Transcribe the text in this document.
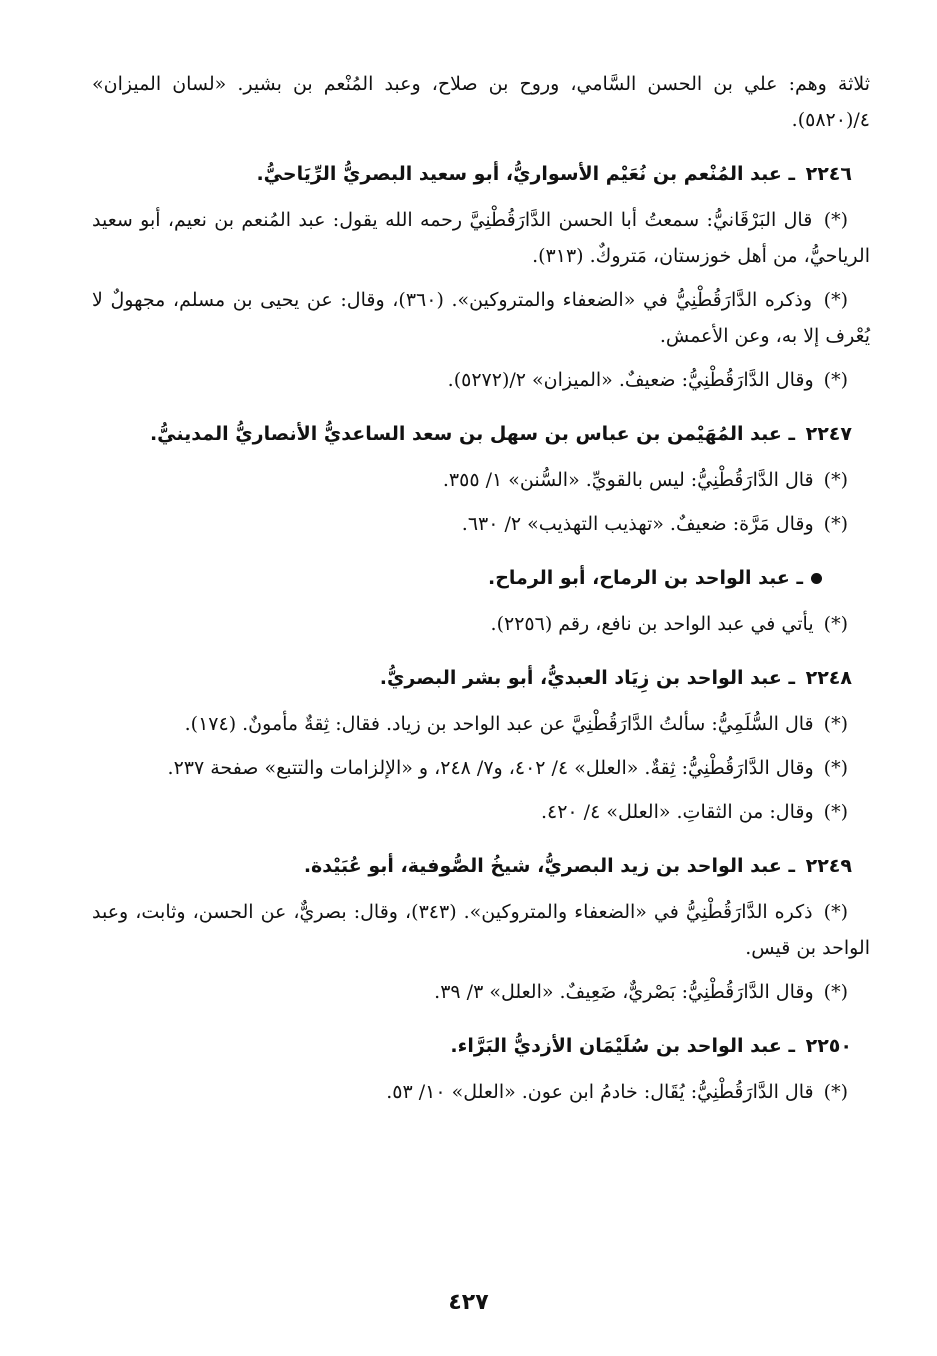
ثلاثة وهم: علي بن الحسن السَّامي، وروح بن صلاح، وعبد المُنْعم بن بشير. «لسان الميزان» ٤/(٥٨٢٠).

٢٢٤٦ ـ عبد المُنْعم بن نُعَيْم الأسواريُّ، أبو سعيد البصريُّ الرِّيَاحيُّ.

(*) قال البَرْقَانيُّ: سمعتُ أبا الحسن الدَّارَقُطْنِيَّ رحمه الله يقول: عبد المُنعم بن نعيم، أبو سعيد الرياحيُّ، من أهل خوزستان، مَتروكٌ. (٣١٣).

(*) وذكره الدَّارَقُطْنِيُّ في «الضعفاء والمتروكين». (٣٦٠)، وقال: عن يحيى بن مسلم، مجهولٌ لا يُعْرف إلا به، وعن الأعمش.

(*) وقال الدَّارَقُطْنِيُّ: ضعيفٌ. «الميزان» ٢/(٥٢٧٢).

٢٢٤٧ ـ عبد المُهَيْمن بن عباس بن سهل بن سعد الساعديُّ الأنصاريُّ المدينيُّ.

(*) قال الدَّارَقُطْنِيُّ: ليس بالقويِّ. «السُّنن» ١/ ٣٥٥.

(*) وقال مَرَّة: ضعيفٌ. «تهذيب التهذيب» ٢/ ٦٣٠.

ـ عبد الواحد بن الرماح، أبو الرماح.

(*) يأتي في عبد الواحد بن نافع، رقم (٢٢٥٦).

٢٢٤٨ ـ عبد الواحد بن زِيَاد العبديُّ، أبو بشر البصريُّ.

(*) قال السُّلَمِيُّ: سألتُ الدَّارَقُطْنِيَّ عن عبد الواحد بن زياد. فقال: ثِقةٌ مأمونٌ. (١٧٤).

(*) وقال الدَّارَقُطْنِيُّ: ثِقةٌ. «العلل» ٤/ ٤٠٢، و٧/ ٢٤٨، و «الإلزامات والتتبع» صفحة ٢٣٧.

(*) وقال: من الثقاتِ. «العلل» ٤/ ٤٢٠.

٢٢٤٩ ـ عبد الواحد بن زيد البصريُّ، شيخُ الصُّوفية، أبو عُبَيْدة.

(*) ذكره الدَّارَقُطْنِيُّ في «الضعفاء والمتروكين». (٣٤٣)، وقال: بصريٌّ، عن الحسن، وثابت، وعبد الواحد بن قيس.

(*) وقال الدَّارَقُطْنِيُّ: بَصْريٌّ، ضَعِيفٌ. «العلل» ٣/ ٣٩.

٢٢٥٠ ـ عبد الواحد بن سُلَيْمَان الأزديُّ البَرَّاء.

(*) قال الدَّارَقُطْنِيُّ: يُقَال: خادمُ ابن عون. «العلل» ١٠/ ٥٣.

٤٢٧
